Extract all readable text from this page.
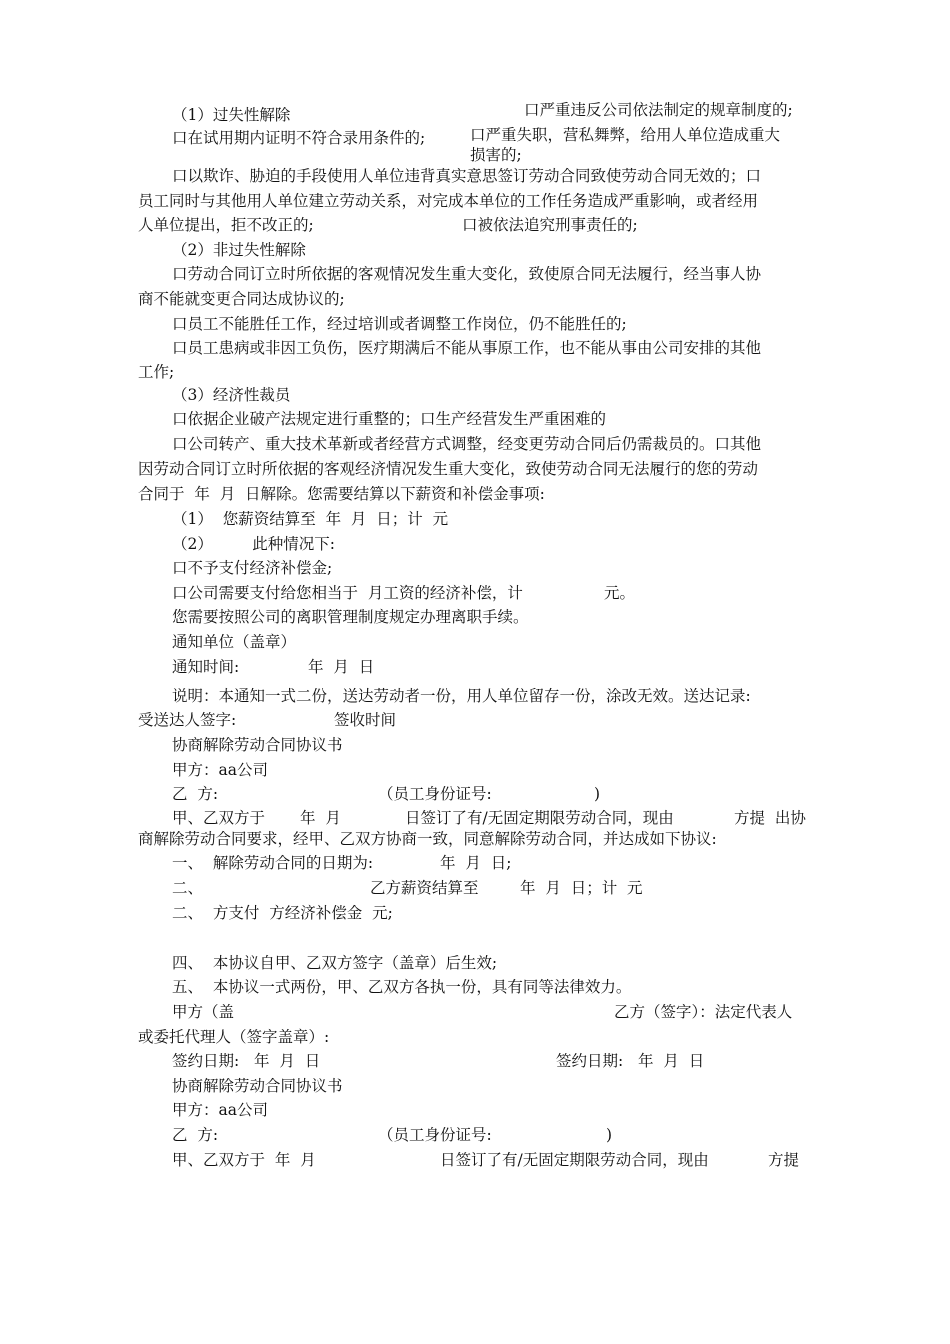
（1）过失性解除	口严重违反公司依法制定的规章制度的;
口在试用期内证明不符合录用条件的;	口严重失职，营私舞弊，给用人单位造成重大
损害的;
口以欺诈、胁迫的手段使用人单位违背真实意思签订劳动合同致使劳动合同无效的；口
员工同时与其他用人单位建立劳动关系，对完成本单位的工作任务造成严重影响，或者经用
人单位提出，拒不改正的;	口被依法追究刑事责任的;
（2）非过失性解除
口劳动合同订立时所依据的客观情况发生重大变化，致使原合同无法履行，经当事人协
商不能就变更合同达成协议的;
口员工不能胜任工作，经过培训或者调整工作岗位，仍不能胜任的;
口员工患病或非因工负伤，医疗期满后不能从事原工作，也不能从事由公司安排的其他
工作;
（3）经济性裁员
口依据企业破产法规定进行重整的；口生产经营发生严重困难的
口公司转产、重大技术革新或者经营方式调整，经变更劳动合同后仍需裁员的。口其他
因劳动合同订立时所依据的客观经济情况发生重大变化，致使劳动合同无法履行的您的劳动
合同于  年  月  日解除。您需要结算以下薪资和补偿金事项:
（1）  您薪资结算至  年  月  日；计  元
（2）        此种情况下:
口不予支付经济补偿金;
口公司需要支付给您相当于  月工资的经济补偿，计	元。
您需要按照公司的离职管理制度规定办理离职手续。
通知单位（盖章）
通知时间:	年  月  日
说明：本通知一式二份，送达劳动者一份，用人单位留存一份，涂改无效。送达记录:
受送达人签字:	签收时间
协商解除劳动合同协议书
甲方：aa公司
乙  方:	（员工身份证号:	)
甲、乙双方于 年  月	日签订了有/无固定期限劳动合同，现由	方提  出协
商解除劳动合同要求，经甲、乙双方协商一致，同意解除劳动合同，并达成如下协议:
一、  解除劳动合同的日期为:	年  月  日;
二、	乙方薪资结算至	年  月  日；计  元
二、  方支付  方经济补偿金  元;
四、  本协议自甲、乙双方签字（盖章）后生效;
五、  本协议一式两份，甲、乙双方各执一份，具有同等法律效力。
甲方（盖	乙方（签字）：法定代表人
或委托代理人（签字盖章）:
签约日期:   年  月  日	签约日期:   年  月  日
协商解除劳动合同协议书
甲方：aa公司
乙  方:	（员工身份证号:	)
甲、乙双方于  年  月	日签订了有/无固定期限劳动合同，现由	方提
